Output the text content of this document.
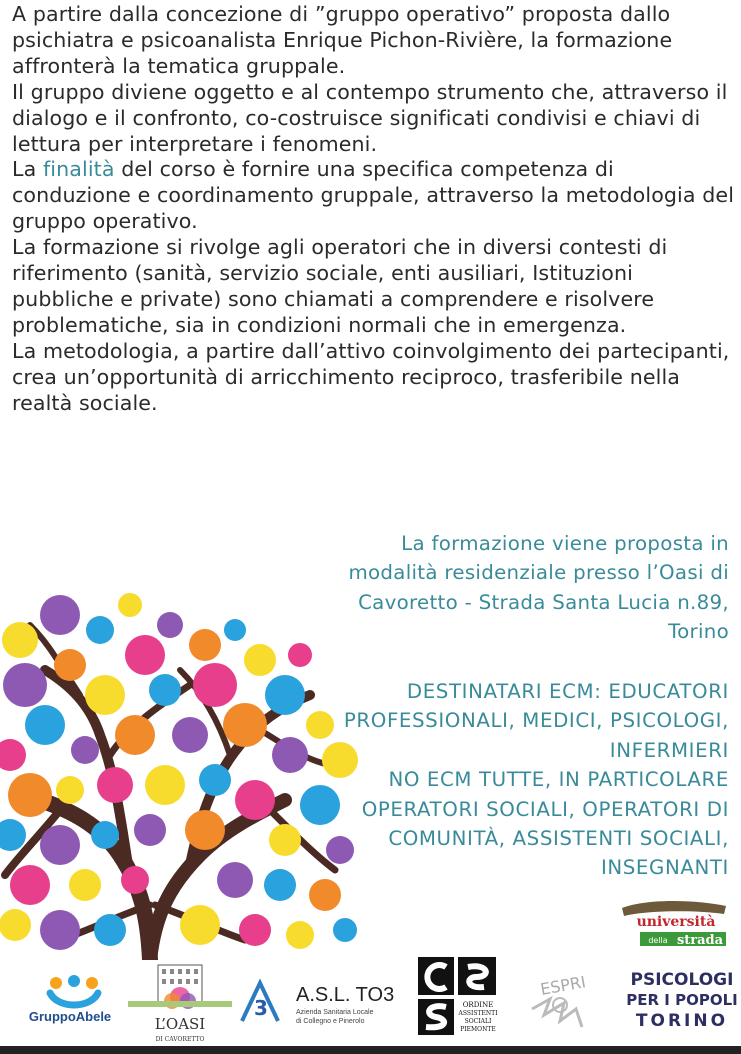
A partire dalla concezione di ”gruppo operativo” proposta dallo psichiatra e psicoanalista Enrique Pichon-Rivière, la formazione affronterà la tematica gruppale.

Il gruppo diviene oggetto e al contempo strumento che, attraverso il dialogo e il confronto, co-costruisce significati condivisi e chiavi di lettura per interpretare i fenomeni.

La finalità del corso è fornire una specifica competenza di conduzione e coordinamento gruppale, attraverso la metodologia del gruppo operativo.

La formazione si rivolge agli operatori che in diversi contesti di riferimento (sanità, servizio sociale, enti ausiliari, Istituzioni pubbliche e private) sono chiamati a comprendere e risolvere problematiche, sia in condizioni normali che in emergenza.

La metodologia, a partire dall’attivo coinvolgimento dei partecipanti, crea un’opportunità di arricchimento reciproco, trasferibile nella realtà sociale.

La formazione viene proposta in modalità residenziale presso l’Oasi di Cavoretto - Strada Santa Lucia n.89, Torino

DESTINATARI ECM: EDUCATORI PROFESSIONALI, MEDICI, PSICOLOGI, INFERMIERI

NO ECM TUTTE, IN PARTICOLARE OPERATORI SOCIALI, OPERATORI DI COMUNITÀ, ASSISTENTI SOCIALI, INSEGNANTI

università
della strada
GruppoAbele	L’OASI
DI CAVORETTO
3
A.S.L. TO3
Azienda Sanitaria Locale
di Collegno e Pinerolo
ORDINE
ASSISTENTI
SOCIALI
PIEMONTE
ESPRI	PSICOLOGI
PER I POPOLI
TORINO
